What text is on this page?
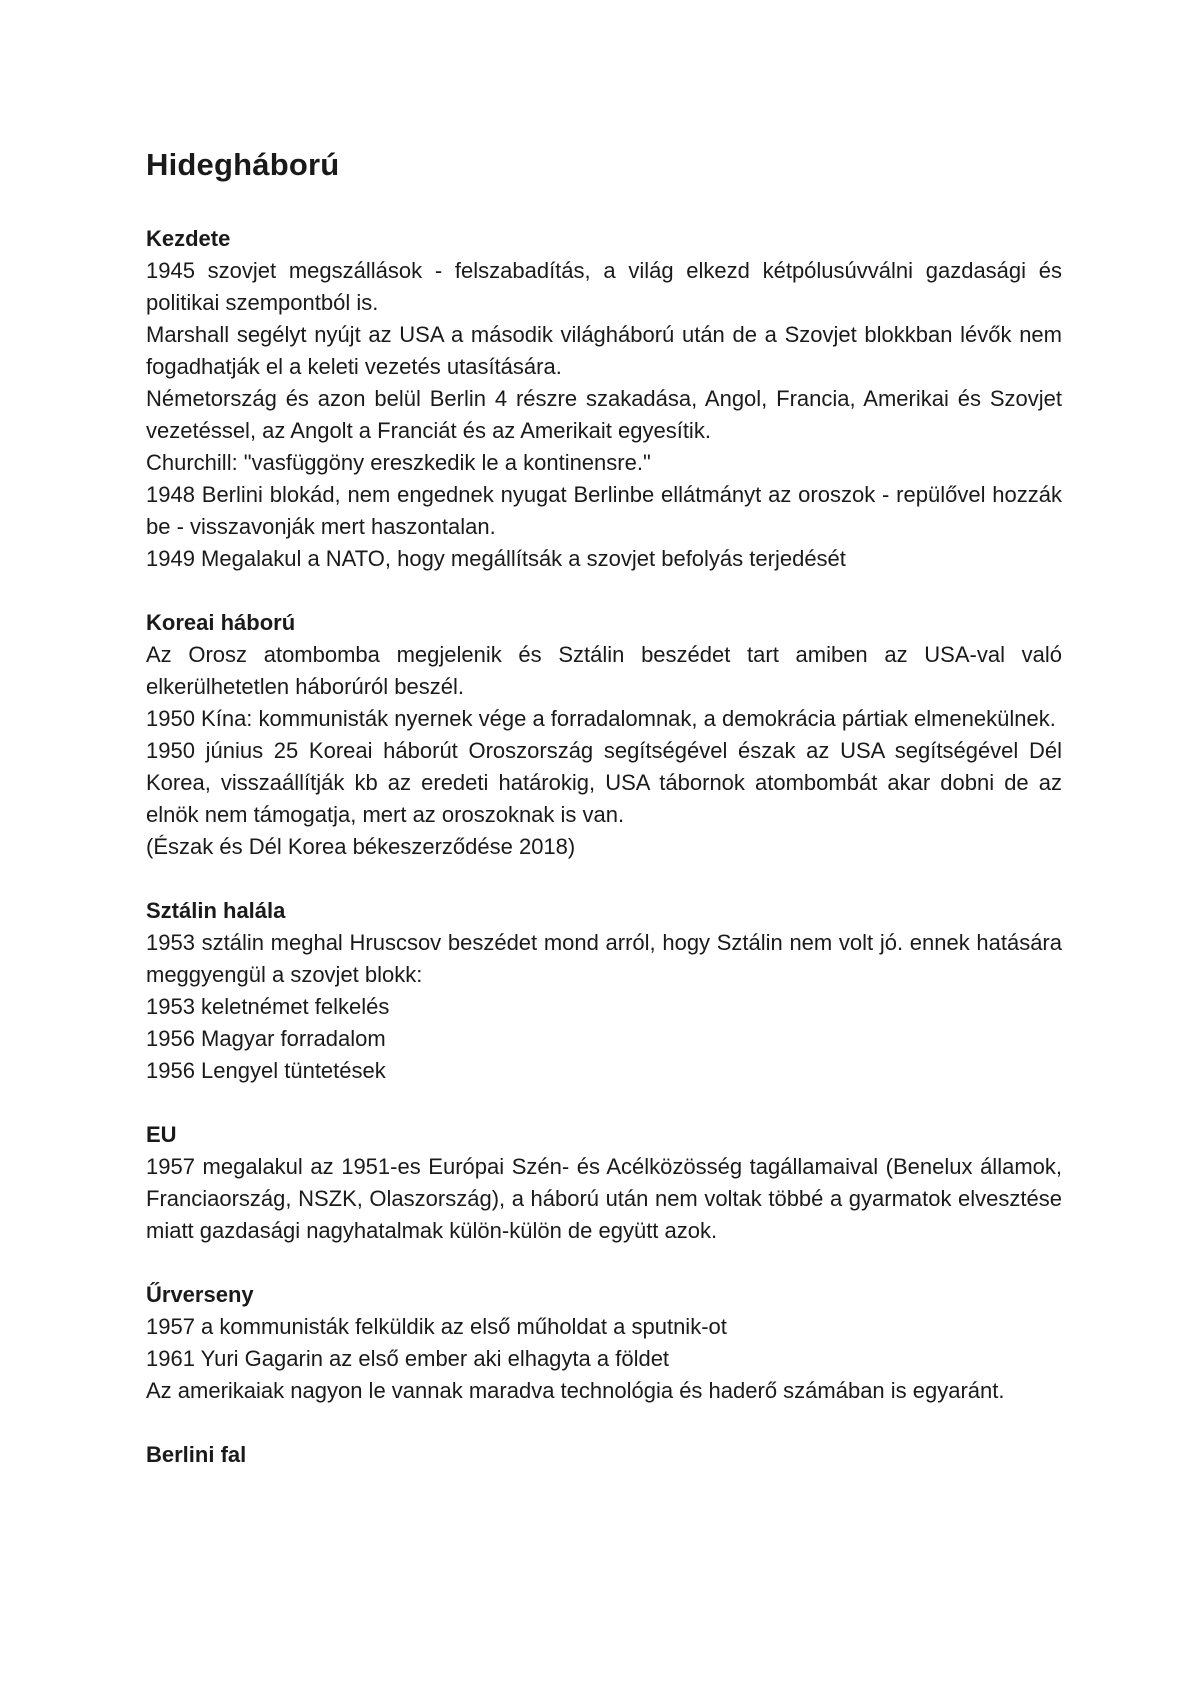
Hidegháború
Kezdete

1945 szovjet megszállások - felszabadítás, a világ elkezd kétpólusúvválni gazdasági és politikai szempontból is.

Marshall segélyt nyújt az USA a második világháború után de a Szovjet blokkban lévők nem fogadhatják el a keleti vezetés utasítására.

Németország és azon belül Berlin 4 részre szakadása, Angol, Francia, Amerikai és Szovjet vezetéssel, az Angolt a Franciát és az Amerikait egyesítik.

Churchill: "vasfüggöny ereszkedik le a kontinensre."

1948 Berlini blokád, nem engednek nyugat Berlinbe ellátmányt az oroszok - repülővel hozzák be - visszavonják mert haszontalan.

1949 Megalakul a NATO, hogy megállítsák a szovjet befolyás terjedését

Koreai háború

Az Orosz atombomba megjelenik és Sztálin beszédet tart amiben az USA-val való elkerülhetetlen háborúról beszél.

1950 Kína: kommunisták nyernek vége a forradalomnak, a demokrácia pártiak elmenekülnek.

1950 június 25 Koreai háborút Oroszország segítségével észak az USA segítségével Dél Korea, visszaállítják kb az eredeti határokig, USA tábornok atombombát akar dobni de az elnök nem támogatja, mert az oroszoknak is van.

(Észak és Dél Korea békeszerződése 2018)

Sztálin halála

1953 sztálin meghal Hruscsov beszédet mond arról, hogy Sztálin nem volt jó. ennek hatására meggyengül a szovjet blokk:

1953 keletnémet felkelés

1956 Magyar forradalom

1956 Lengyel tüntetések

EU

1957 megalakul az 1951-es Európai Szén- és Acélközösség tagállamaival (Benelux államok, Franciaország, NSZK, Olaszország), a háború után nem voltak többé a gyarmatok elvesztése miatt gazdasági nagyhatalmak külön-külön de együtt azok.

Űrverseny

1957 a kommunisták felküldik az első műholdat a sputnik-ot

1961 Yuri Gagarin az első ember aki elhagyta a földet

Az amerikaiak nagyon le vannak maradva technológia és haderő számában is egyaránt.

Berlini fal
